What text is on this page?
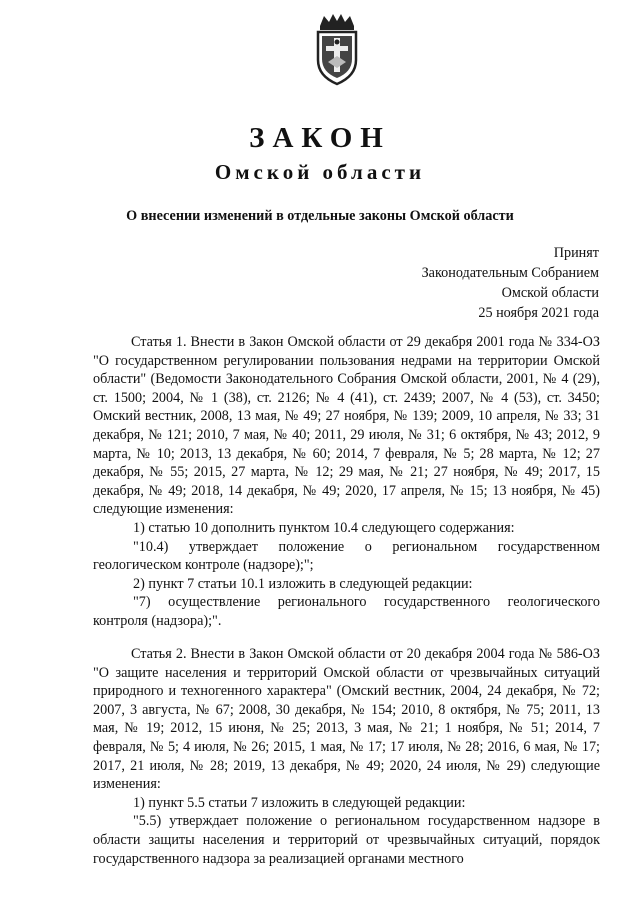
ЗАКОН
Омской области
О внесении изменений в отдельные законы Омской области
Принят
Законодательным Собранием
Омской области
25 ноября 2021 года

Статья 1. Внести в Закон Омской области от 29 декабря 2001 года № 334-ОЗ "О государственном регулировании пользования недрами на территории Омской области" (Ведомости Законодательного Собрания Омской области, 2001, № 4 (29), ст. 1500; 2004, № 1 (38), ст. 2126; № 4 (41), ст. 2439; 2007, № 4 (53), ст. 3450; Омский вестник, 2008, 13 мая, № 49; 27 ноября, № 139; 2009, 10 апреля, № 33; 31 декабря, № 121; 2010, 7 мая, № 40; 2011, 29 июля, № 31; 6 октября, № 43; 2012, 9 марта, № 10; 2013, 13 декабря, № 60; 2014, 7 февраля, № 5; 28 марта, № 12; 27 декабря, № 55; 2015, 27 марта, № 12; 29 мая, № 21; 27 ноября, № 49; 2017, 15 декабря, № 49; 2018, 14 декабря, № 49; 2020, 17 апреля, № 15; 13 ноября, № 45) следующие изменения:

1) статью 10 дополнить пунктом 10.4 следующего содержания:

"10.4) утверждает положение о региональном государственном геологическом контроле (надзоре);";

2) пункт 7 статьи 10.1 изложить в следующей редакции:

"7) осуществление регионального государственного геологического контроля (надзора);".

Статья 2. Внести в Закон Омской области от 20 декабря 2004 года № 586-ОЗ "О защите населения и территорий Омской области от чрезвычайных ситуаций природного и техногенного характера" (Омский вестник, 2004, 24 декабря, № 72; 2007, 3 августа, № 67; 2008, 30 декабря, № 154; 2010, 8 октября, № 75; 2011, 13 мая, № 19; 2012, 15 июня, № 25; 2013, 3 мая, № 21; 1 ноября, № 51; 2014, 7 февраля, № 5; 4 июля, № 26; 2015, 1 мая, № 17; 17 июля, № 28; 2016, 6 мая, № 17; 2017, 21 июля, № 28; 2019, 13 декабря, № 49; 2020, 24 июля, № 29) следующие изменения:

1) пункт 5.5 статьи 7 изложить в следующей редакции:

"5.5) утверждает положение о региональном государственном надзоре в области защиты населения и территорий от чрезвычайных ситуаций, порядок государственного надзора за реализацией органами местного
